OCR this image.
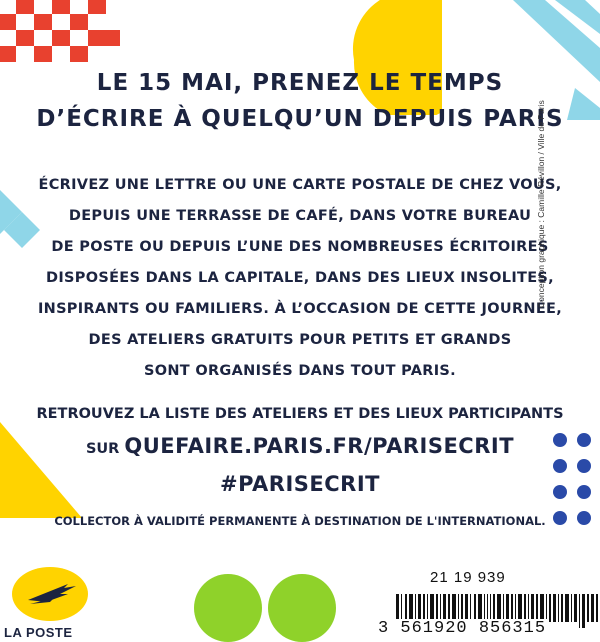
LE 15 MAI, PRENEZ LE TEMPS
D’ÉCRIRE À QUELQU’UN DEPUIS PARIS
ÉCRIVEZ UNE LETTRE OU UNE CARTE POSTALE DE CHEZ VOUS,
DEPUIS UNE TERRASSE DE CAFÉ, DANS VOTRE BUREAU
DE POSTE OU DEPUIS L’UNE DES NOMBREUSES ÉCRITOIRES
DISPOSÉES DANS LA CAPITALE, DANS DES LIEUX INSOLITES,
INSPIRANTS OU FAMILIERS. À L’OCCASION DE CETTE JOURNÉE,
DES ATELIERS GRATUITS POUR PETITS ET GRANDS
SONT ORGANISÉS DANS TOUT PARIS.
RETROUVEZ LA LISTE DES ATELIERS ET DES LIEUX PARTICIPANTS
SUR QUEFAIRE.PARIS.FR/PARISECRIT
#PARISECRIT
COLLECTOR À VALIDITÉ PERMANENTE À DESTINATION DE L'INTERNATIONAL.
Conception graphique : Camille Révillon / Ville de Paris
21 19 939
LA POSTE	3 561920 856315
